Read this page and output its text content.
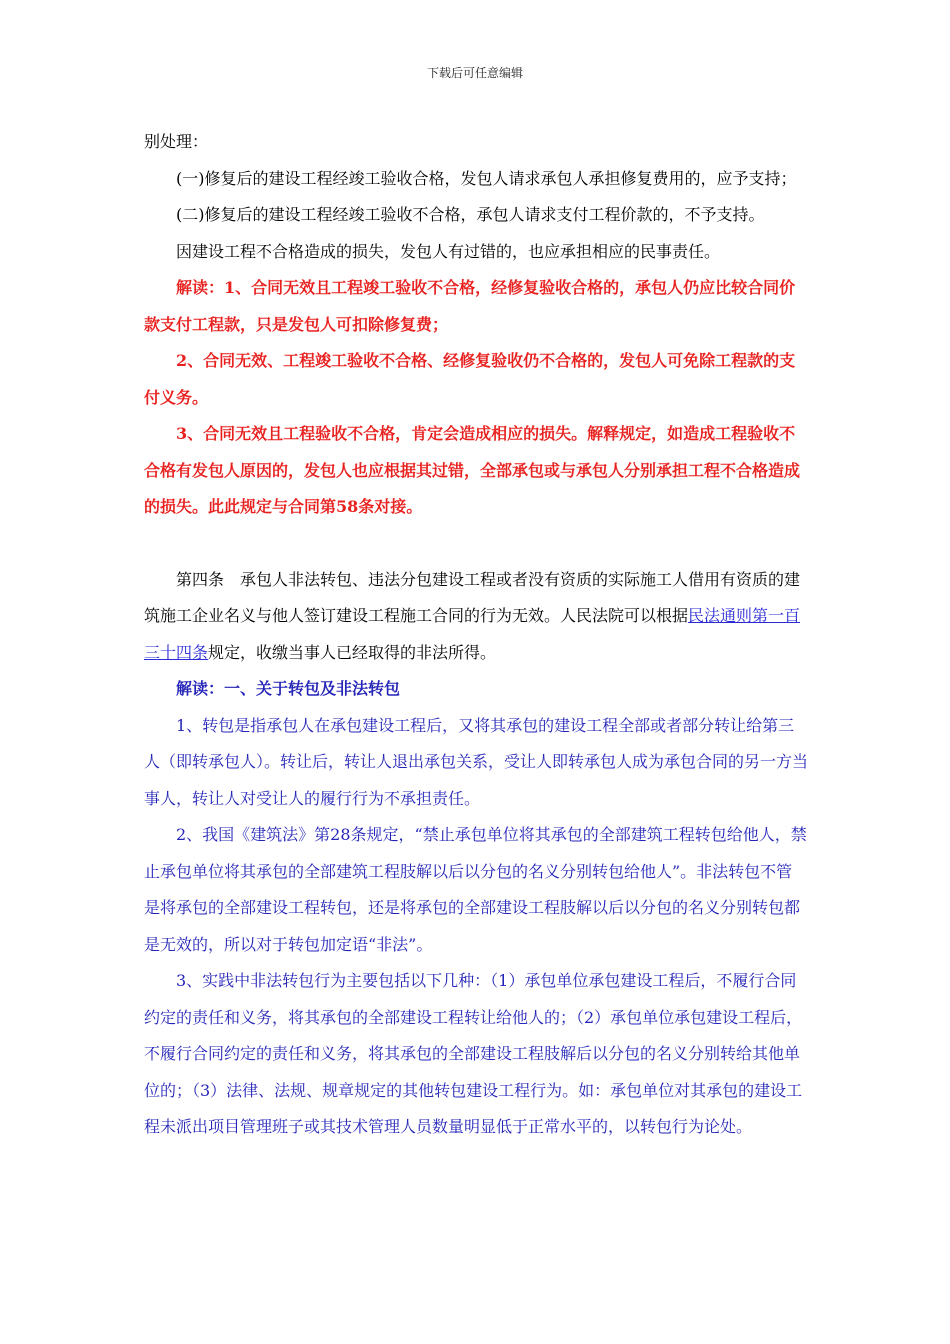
下载后可任意编辑

别处理：

(一)修复后的建设工程经竣工验收合格，发包人请求承包人承担修复费用的，应予支持；

(二)修复后的建设工程经竣工验收不合格，承包人请求支付工程价款的，不予支持。

因建设工程不合格造成的损失，发包人有过错的，也应承担相应的民事责任。

解读：1、合同无效且工程竣工验收不合格，经修复验收合格的，承包人仍应比较合同价款支付工程款，只是发包人可扣除修复费；

2、合同无效、工程竣工验收不合格、经修复验收仍不合格的，发包人可免除工程款的支付义务。

3、合同无效且工程验收不合格，肯定会造成相应的损失。解释规定，如造成工程验收不合格有发包人原因的，发包人也应根据其过错，全部承包或与承包人分别承担工程不合格造成的损失。此此规定与合同第58条对接。

第四条　承包人非法转包、违法分包建设工程或者没有资质的实际施工人借用有资质的建筑施工企业名义与他人签订建设工程施工合同的行为无效。人民法院可以根据民法通则第一百三十四条规定，收缴当事人已经取得的非法所得。

解读：一、关于转包及非法转包

1、转包是指承包人在承包建设工程后，又将其承包的建设工程全部或者部分转让给第三人（即转承包人）。转让后，转让人退出承包关系，受让人即转承包人成为承包合同的另一方当事人，转让人对受让人的履行行为不承担责任。

2、我国《建筑法》第28条规定，“禁止承包单位将其承包的全部建筑工程转包给他人，禁止承包单位将其承包的全部建筑工程肢解以后以分包的名义分别转包给他人”。非法转包不管是将承包的全部建设工程转包，还是将承包的全部建设工程肢解以后以分包的名义分别转包都是无效的，所以对于转包加定语“非法”。

3、实践中非法转包行为主要包括以下几种：（1）承包单位承包建设工程后，不履行合同约定的责任和义务，将其承包的全部建设工程转让给他人的；（2）承包单位承包建设工程后，不履行合同约定的责任和义务，将其承包的全部建设工程肢解后以分包的名义分别转给其他单位的；（3）法律、法规、规章规定的其他转包建设工程行为。如：承包单位对其承包的建设工程未派出项目管理班子或其技术管理人员数量明显低于正常水平的，以转包行为论处。
